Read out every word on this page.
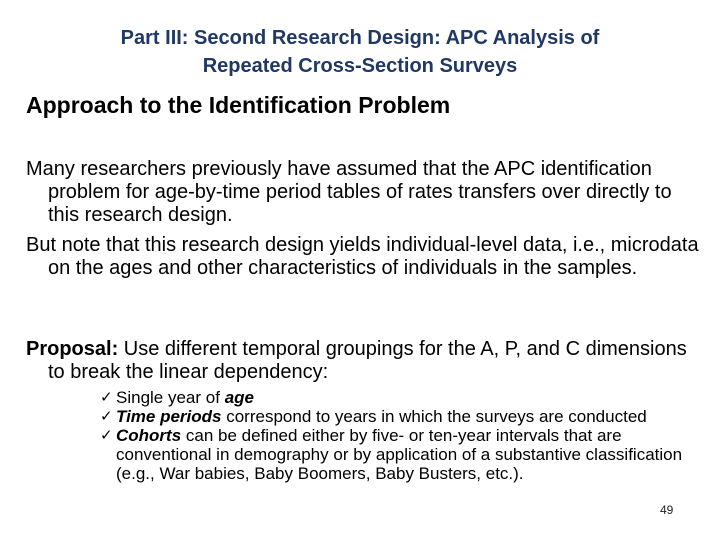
Part III: Second Research Design: APC Analysis of
Repeated Cross-Section Surveys
Approach to the Identification Problem

Many researchers previously have assumed that the APC identification problem for age-by-time period tables of rates transfers over directly to this research design.

But note that this research design yields individual-level data, i.e., microdata on the ages and other characteristics of individuals in the samples.

Proposal: Use different temporal groupings for the A, P, and C dimensions to break the linear dependency:

✓ Single year of age
✓ Time periods correspond to years in which the surveys are conducted
✓ Cohorts can be defined either by five- or ten-year intervals that are conventional in demography or by application of a substantive classification (e.g., War babies, Baby Boomers, Baby Busters, etc.).
49
